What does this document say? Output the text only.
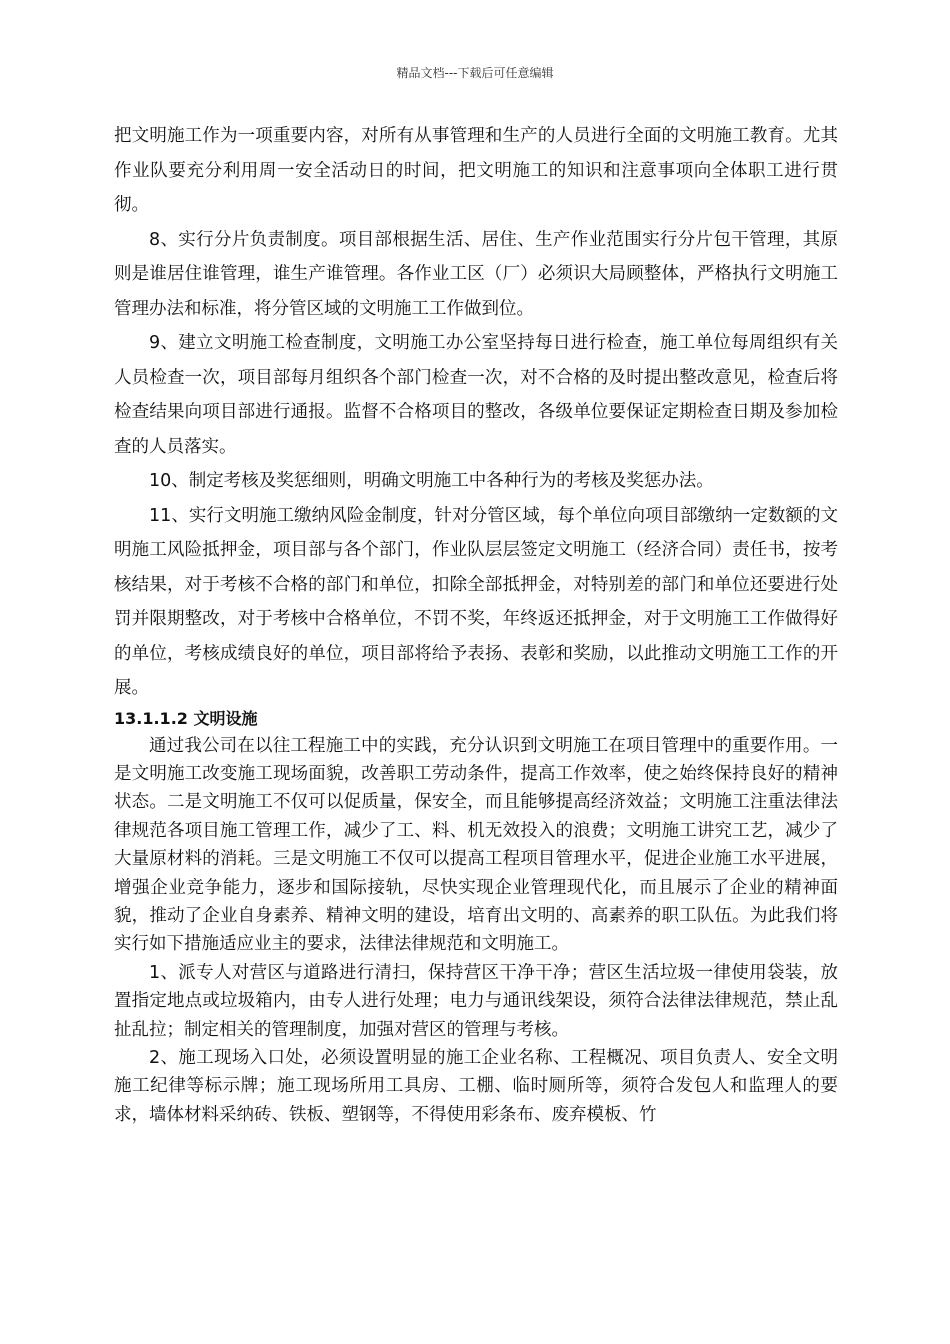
精品文档---下载后可任意编辑

把文明施工作为一项重要内容，对所有从事管理和生产的人员进行全面的文明施工教育。尤其作业队要充分利用周一安全活动日的时间，把文明施工的知识和注意事项向全体职工进行贯彻。

8、实行分片负责制度。项目部根据生活、居住、生产作业范围实行分片包干管理，其原则是谁居住谁管理，谁生产谁管理。各作业工区（厂）必须识大局顾整体，严格执行文明施工管理办法和标准，将分管区域的文明施工工作做到位。

9、建立文明施工检查制度，文明施工办公室坚持每日进行检查，施工单位每周组织有关人员检查一次，项目部每月组织各个部门检查一次，对不合格的及时提出整改意见，检查后将检查结果向项目部进行通报。监督不合格项目的整改，各级单位要保证定期检查日期及参加检查的人员落实。

10、制定考核及奖惩细则，明确文明施工中各种行为的考核及奖惩办法。

11、实行文明施工缴纳风险金制度，针对分管区域，每个单位向项目部缴纳一定数额的文明施工风险抵押金，项目部与各个部门，作业队层层签定文明施工（经济合同）责任书，按考核结果，对于考核不合格的部门和单位，扣除全部抵押金，对特别差的部门和单位还要进行处罚并限期整改，对于考核中合格单位，不罚不奖，年终返还抵押金，对于文明施工工作做得好的单位，考核成绩良好的单位，项目部将给予表扬、表彰和奖励，以此推动文明施工工作的开展。

13.1.1.2 文明设施

通过我公司在以往工程施工中的实践，充分认识到文明施工在项目管理中的重要作用。一是文明施工改变施工现场面貌，改善职工劳动条件，提高工作效率，使之始终保持良好的精神状态。二是文明施工不仅可以促质量，保安全，而且能够提高经济效益；文明施工注重法律法律规范各项目施工管理工作，减少了工、料、机无效投入的浪费；文明施工讲究工艺，减少了大量原材料的消耗。三是文明施工不仅可以提高工程项目管理水平，促进企业施工水平进展，增强企业竞争能力，逐步和国际接轨，尽快实现企业管理现代化，而且展示了企业的精神面貌，推动了企业自身素养、精神文明的建设，培育出文明的、高素养的职工队伍。为此我们将实行如下措施适应业主的要求，法律法律规范和文明施工。

1、派专人对营区与道路进行清扫，保持营区干净干净；营区生活垃圾一律使用袋装，放置指定地点或垃圾箱内，由专人进行处理；电力与通讯线架设，须符合法律法律规范，禁止乱扯乱拉；制定相关的管理制度，加强对营区的管理与考核。

2、施工现场入口处，必须设置明显的施工企业名称、工程概况、项目负责人、安全文明施工纪律等标示牌；施工现场所用工具房、工棚、临时厕所等，须符合发包人和监理人的要求，墙体材料采纳砖、铁板、塑钢等，不得使用彩条布、废弃模板、竹
